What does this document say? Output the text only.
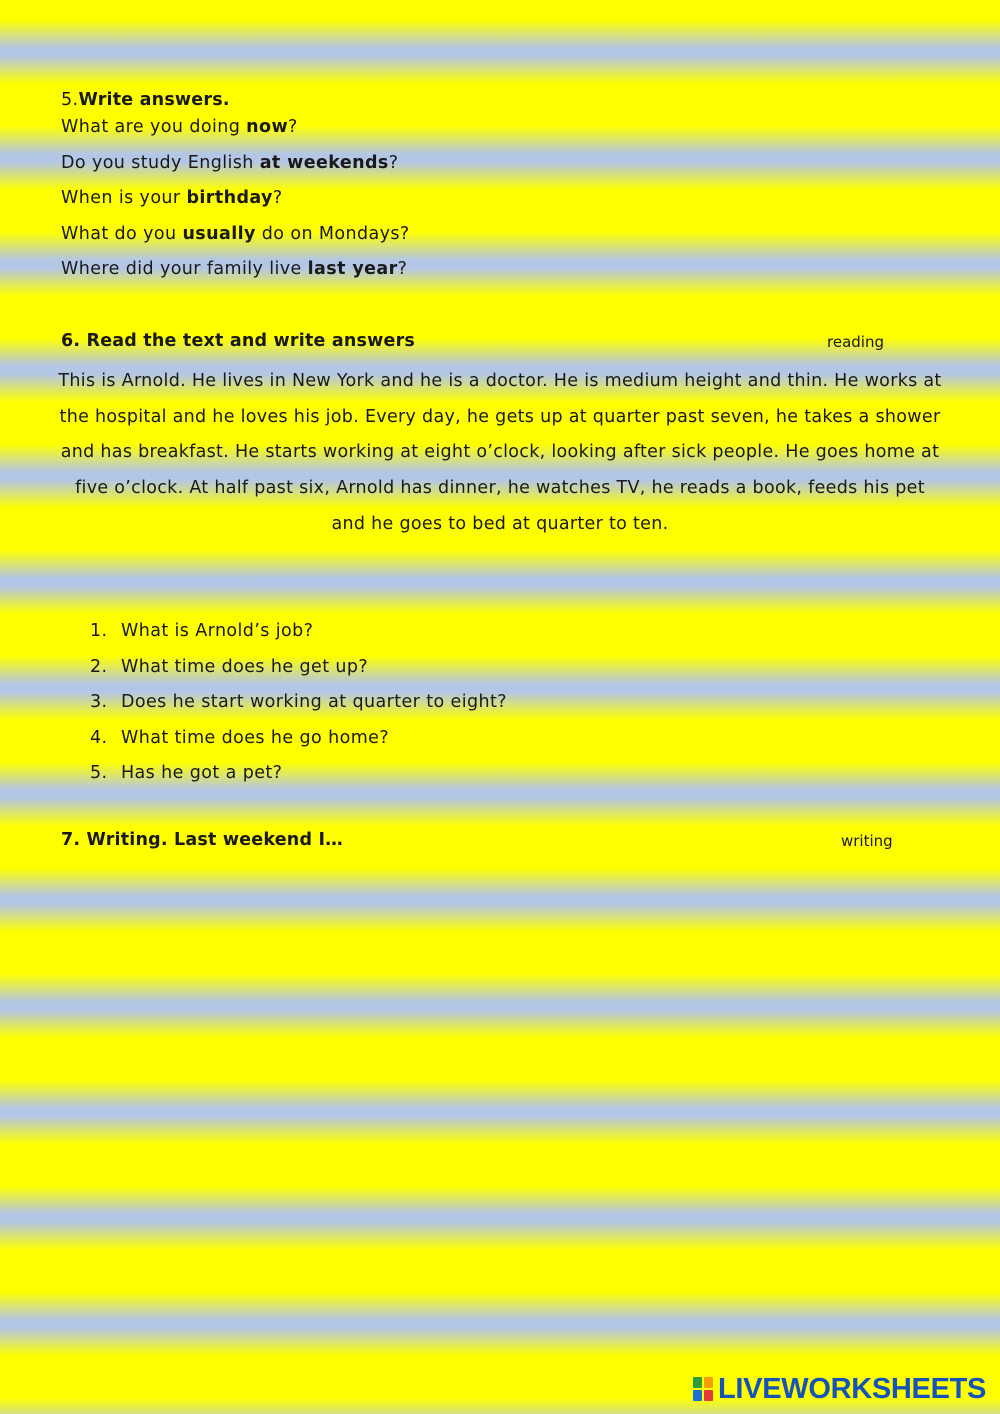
5.Write answers.
What are you doing now?
Do you study English at weekends?
When is your birthday?
What do you usually do on Mondays?
Where did your family live last year?
6. Read the text and write answers	reading
This is Arnold. He lives in New York and he is a doctor. He is medium height and thin. He works at the hospital and he loves his job. Every day, he gets up at quarter past seven, he takes a shower and has breakfast. He starts working at eight o’clock, looking after sick people. He goes home at five o’clock. At half past six, Arnold has dinner, he watches TV, he reads a book, feeds his pet and he goes to bed at quarter to ten.
1. What is Arnold’s job?
2. What time does he get up?
3. Does he start working at quarter to eight?
4. What time does he go home?
5. Has he got a pet?
7. Writing. Last weekend I…	writing
LIVEWORKSHEETS
